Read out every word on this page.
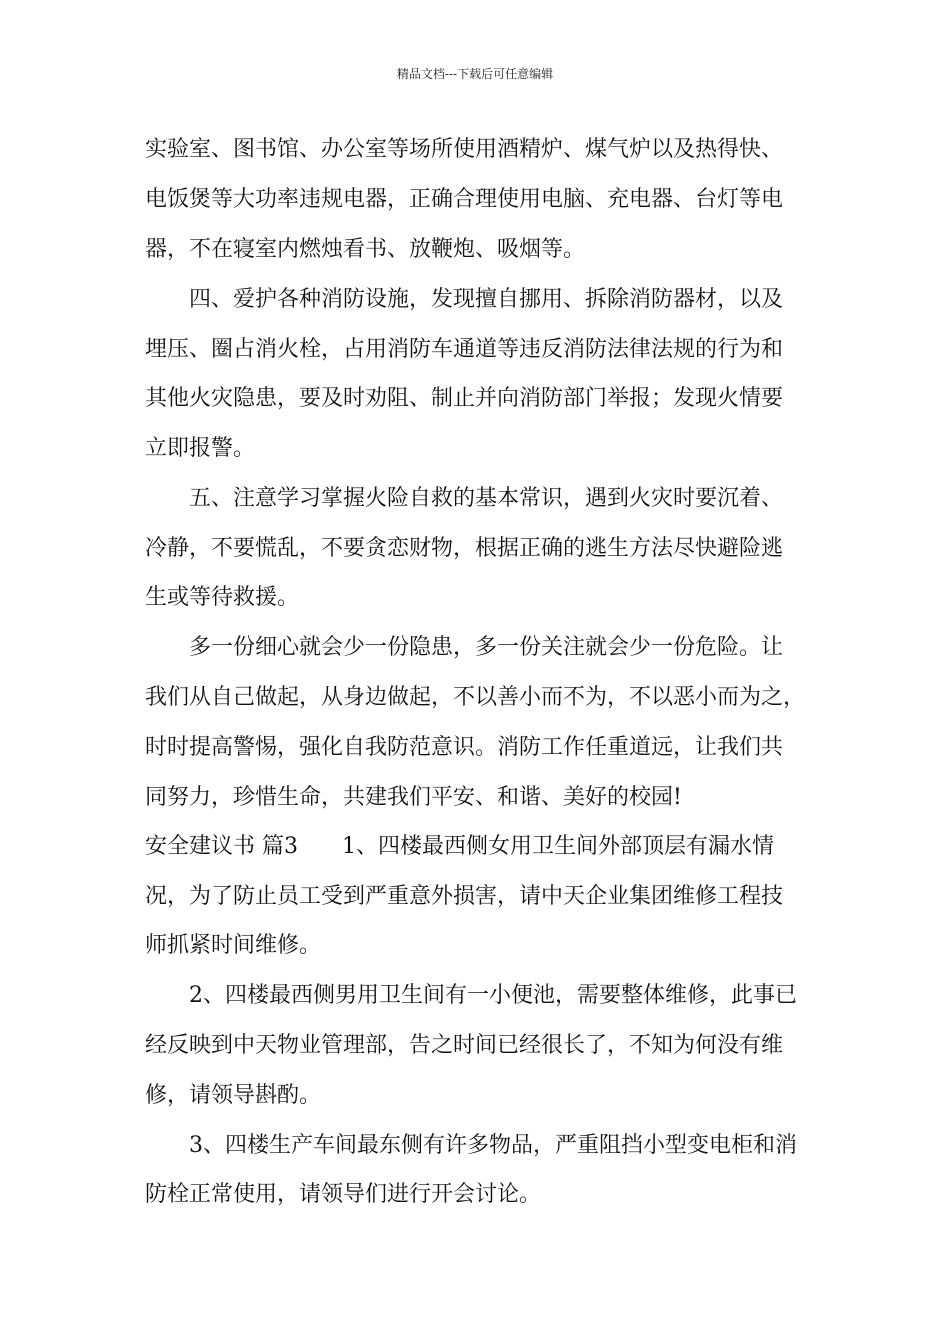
精品文档---下载后可任意编辑
实验室、图书馆、办公室等场所使用酒精炉、煤气炉以及热得快、
电饭煲等大功率违规电器，正确合理使用电脑、充电器、台灯等电
器，不在寝室内燃烛看书、放鞭炮、吸烟等。
　　四、爱护各种消防设施，发现擅自挪用、拆除消防器材，以及
埋压、圈占消火栓，占用消防车通道等违反消防法律法规的行为和
其他火灾隐患，要及时劝阻、制止并向消防部门举报；发现火情要
立即报警。
　　五、注意学习掌握火险自救的基本常识，遇到火灾时要沉着、
冷静，不要慌乱，不要贪恋财物，根据正确的逃生方法尽快避险逃
生或等待救援。
　　多一份细心就会少一份隐患，多一份关注就会少一份危险。让
我们从自己做起，从身边做起，不以善小而不为，不以恶小而为之，
时时提高警惕，强化自我防范意识。消防工作任重道远，让我们共
同努力，珍惜生命，共建我们平安、和谐、美好的校园!
安全建议书 篇3　　1、四楼最西侧女用卫生间外部顶层有漏水情
况，为了防止员工受到严重意外损害，请中天企业集团维修工程技
师抓紧时间维修。
　　2、四楼最西侧男用卫生间有一小便池，需要整体维修，此事已
经反映到中天物业管理部，告之时间已经很长了，不知为何没有维
修，请领导斟酌。
　　3、四楼生产车间最东侧有许多物品，严重阻挡小型变电柜和消
防栓正常使用，请领导们进行开会讨论。
